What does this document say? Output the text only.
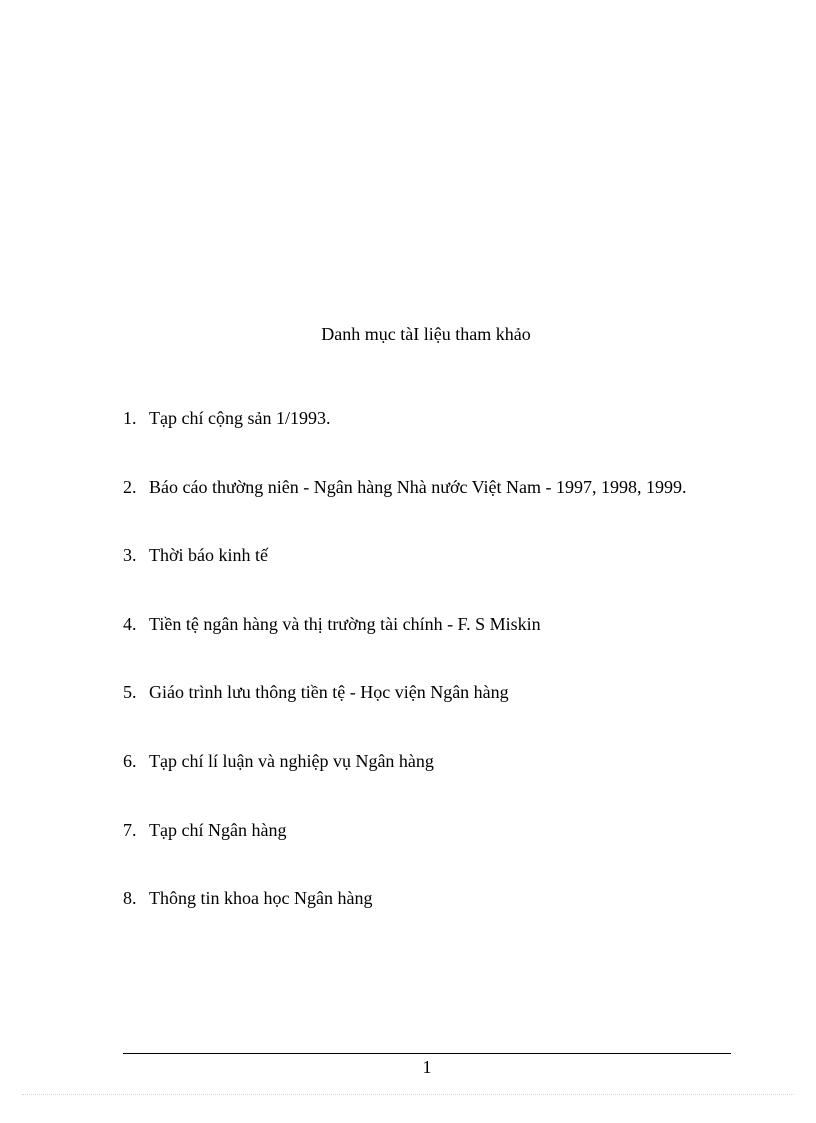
Danh mục tàI liệu tham khảo
1. Tạp chí cộng sản 1/1993.
2. Báo cáo thường niên - Ngân hàng Nhà nước Việt Nam - 1997, 1998, 1999.
3. Thời báo kinh tế
4. Tiền tệ ngân hàng và thị trường tài chính - F. S Miskin
5. Giáo trình lưu thông tiền tệ - Học viện Ngân hàng
6. Tạp chí lí luận và nghiệp vụ Ngân hàng
7. Tạp chí Ngân hàng
8. Thông tin khoa học Ngân hàng
1
